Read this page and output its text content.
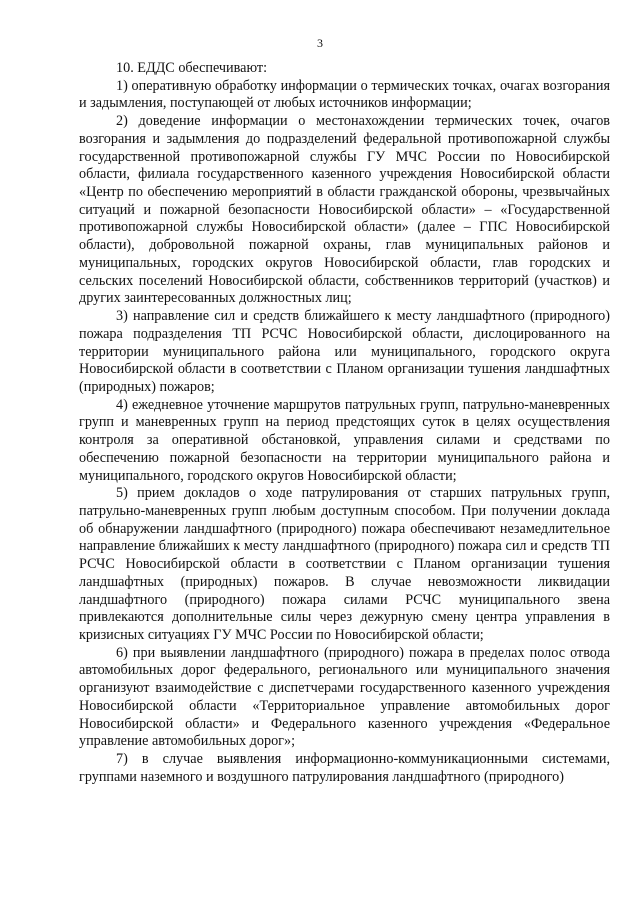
3

10. ЕДДС обеспечивают:

1) оперативную обработку информации о термических точках, очагах возгорания и задымления, поступающей от любых источников информации;

2) доведение информации о местонахождении термических точек, очагов возгорания и задымления до подразделений федеральной противопожарной службы государственной противопожарной службы ГУ МЧС России по Новосибирской области, филиала государственного казенного учреждения Новосибирской области «Центр по обеспечению мероприятий в области гражданской обороны, чрезвычайных ситуаций и пожарной безопасности Новосибирской области» – «Государственной противопожарной службы Новосибирской области» (далее – ГПС Новосибирской области), добровольной пожарной охраны, глав муниципальных районов и муниципальных, городских округов Новосибирской области, глав городских и сельских поселений Новосибирской области, собственников территорий (участков) и других заинтересованных должностных лиц;

3) направление сил и средств ближайшего к месту ландшафтного (природного) пожара подразделения ТП РСЧС Новосибирской области, дислоцированного на территории муниципального района или муниципального, городского округа Новосибирской области в соответствии с Планом организации тушения ландшафтных (природных) пожаров;

4) ежедневное уточнение маршрутов патрульных групп, патрульно-маневренных групп и маневренных групп на период предстоящих суток в целях осуществления контроля за оперативной обстановкой, управления силами и средствами по обеспечению пожарной безопасности на территории муниципального района и муниципального, городского округов Новосибирской области;

5) прием докладов о ходе патрулирования от старших патрульных групп, патрульно-маневренных групп любым доступным способом. При получении доклада об обнаружении ландшафтного (природного) пожара обеспечивают незамедлительное направление ближайших к месту ландшафтного (природного) пожара сил и средств ТП РСЧС Новосибирской области в соответствии с Планом организации тушения ландшафтных (природных) пожаров. В случае невозможности ликвидации ландшафтного (природного) пожара силами РСЧС муниципального звена привлекаются дополнительные силы через дежурную смену центра управления в кризисных ситуациях ГУ МЧС России по Новосибирской области;

6) при выявлении ландшафтного (природного) пожара в пределах полос отвода автомобильных дорог федерального, регионального или муниципального значения организуют взаимодействие с диспетчерами государственного казенного учреждения Новосибирской области «Территориальное управление автомобильных дорог Новосибирской области» и Федерального казенного учреждения «Федеральное управление автомобильных дорог»;

7) в случае выявления информационно-коммуникационными системами, группами наземного и воздушного патрулирования ландшафтного (природного)
